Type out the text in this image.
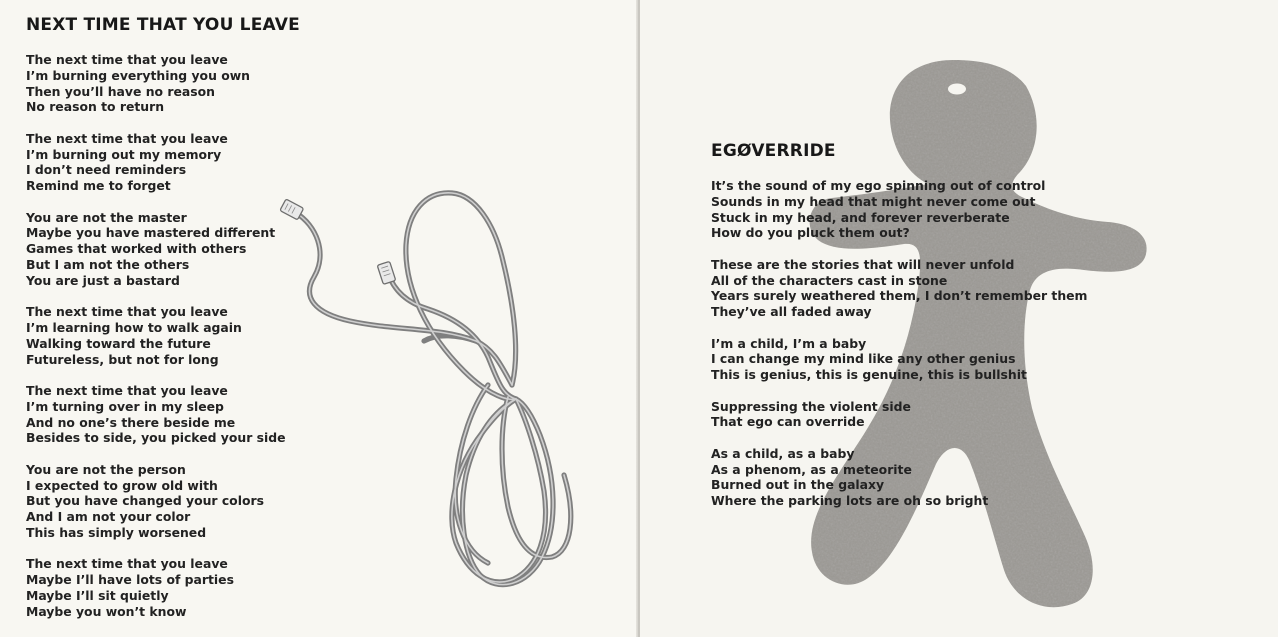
NEXT TIME THAT YOU LEAVE
The next time that you leave
I’m burning everything you own
Then you’ll have no reason
No reason to return
The next time that you leave
I’m burning out my memory
I don’t need reminders
Remind me to forget
You are not the master
Maybe you have mastered different
Games that worked with others
But I am not the others
You are just a bastard
The next time that you leave
I’m learning how to walk again
Walking toward the future
Futureless, but not for long
The next time that you leave
I’m turning over in my sleep
And no one’s there beside me
Besides to side, you picked your side
You are not the person
I expected to grow old with
But you have changed your colors
And I am not your color
This has simply worsened
The next time that you leave
Maybe I’ll have lots of parties
Maybe I’ll sit quietly
Maybe you won’t know
EGØVERRIDE
It’s the sound of my ego spinning out of control
Sounds in my head that might never come out
Stuck in my head, and forever reverberate
How do you pluck them out?
These are the stories that will never unfold
All of the characters cast in stone
Years surely weathered them, I don’t remember them
They’ve all faded away
I’m a child, I’m a baby
I can change my mind like any other genius
This is genius, this is genuine, this is bullshit
Suppressing the violent side
That ego can override
As a child, as a baby
As a phenom, as a meteorite
Burned out in the galaxy
Where the parking lots are oh so bright
